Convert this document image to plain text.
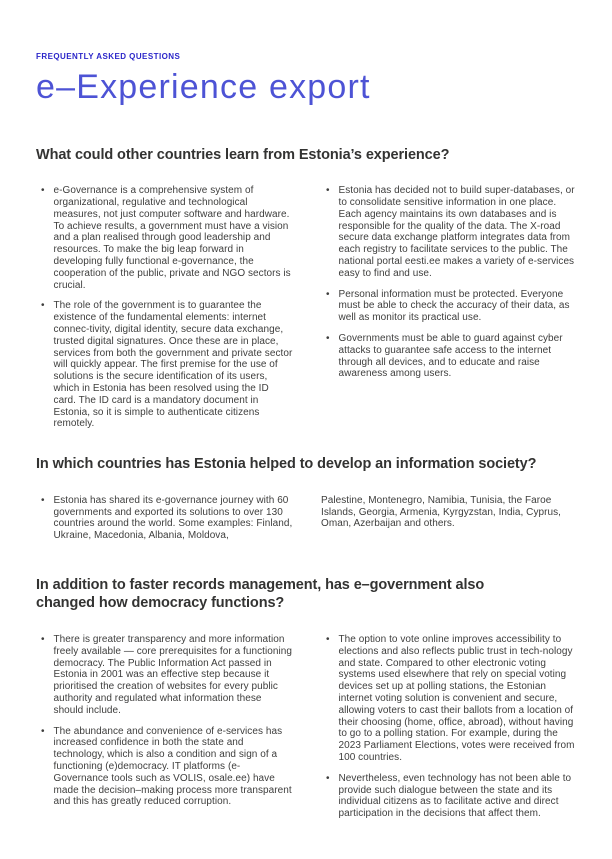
FREQUENTLY ASKED QUESTIONS

e–Experience export
What could other countries learn from Estonia’s experience?
• e-Governance is a comprehensive system of organizational, regulative and technological measures, not just computer software and hardware. To achieve results, a government must have a vision and a plan realised through good leadership and resources. To make the big leap forward in developing fully functional e-governance, the cooperation of the public, private and NGO sectors is crucial.

• The role of the government is to guarantee the existence of the fundamental elements: internet connec-tivity, digital identity, secure data exchange, trusted digital signatures. Once these are in place, services from both the government and private sector will quickly appear. The first premise for the use of solutions is the secure identification of its users, which in Estonia has been resolved using the ID card. The ID card is a mandatory document in Estonia, so it is simple to authenticate citizens remotely.

• Estonia has decided not to build super-databases, or to consolidate sensitive information in one place. Each agency maintains its own databases and is responsible for the quality of the data. The X-road secure data exchange platform integrates data from each registry to facilitate services to the public. The national portal eesti.ee makes a variety of e-services easy to find and use.

• Personal information must be protected. Everyone must be able to check the accuracy of their data, as well as monitor its practical use.

• Governments must be able to guard against cyber attacks to guarantee safe access to the internet through all devices, and to educate and raise awareness among users.

In which countries has Estonia helped to develop an information society?
• Estonia has shared its e-governance journey with 60 governments and exported its solutions to over 130 countries around the world. Some examples: Finland, Ukraine, Macedonia, Albania, Moldova,

Palestine, Montenegro, Namibia, Tunisia, the Faroe Islands, Georgia, Armenia, Kyrgyzstan, India, Cyprus, Oman, Azerbaijan and others.

In addition to faster records management, has e–government also changed how democracy functions?
• There is greater transparency and more information freely available — core prerequisites for a functioning democracy. The Public Information Act passed in Estonia in 2001 was an effective step because it prioritised the creation of websites for every public authority and regulated what information these should include.

• The abundance and convenience of e-services has increased confidence in both the state and technology, which is also a condition and sign of a functioning (e)democracy. IT platforms (e-Governance tools such as VOLIS, osale.ee) have made the decision–making process more transparent and this has greatly reduced corruption.

• The option to vote online improves accessibility to elections and also reflects public trust in tech-nology and state. Compared to other electronic voting systems used elsewhere that rely on special voting devices set up at polling stations, the Estonian internet voting solution is convenient and secure, allowing voters to cast their ballots from a location of their choosing (home, office, abroad), without having to go to a polling station. For example, during the 2023 Parliament Elections, votes were received from 100 countries.

• Nevertheless, even technology has not been able to provide such dialogue between the state and its individual citizens as to facilitate active and direct participation in the decisions that affect them.
